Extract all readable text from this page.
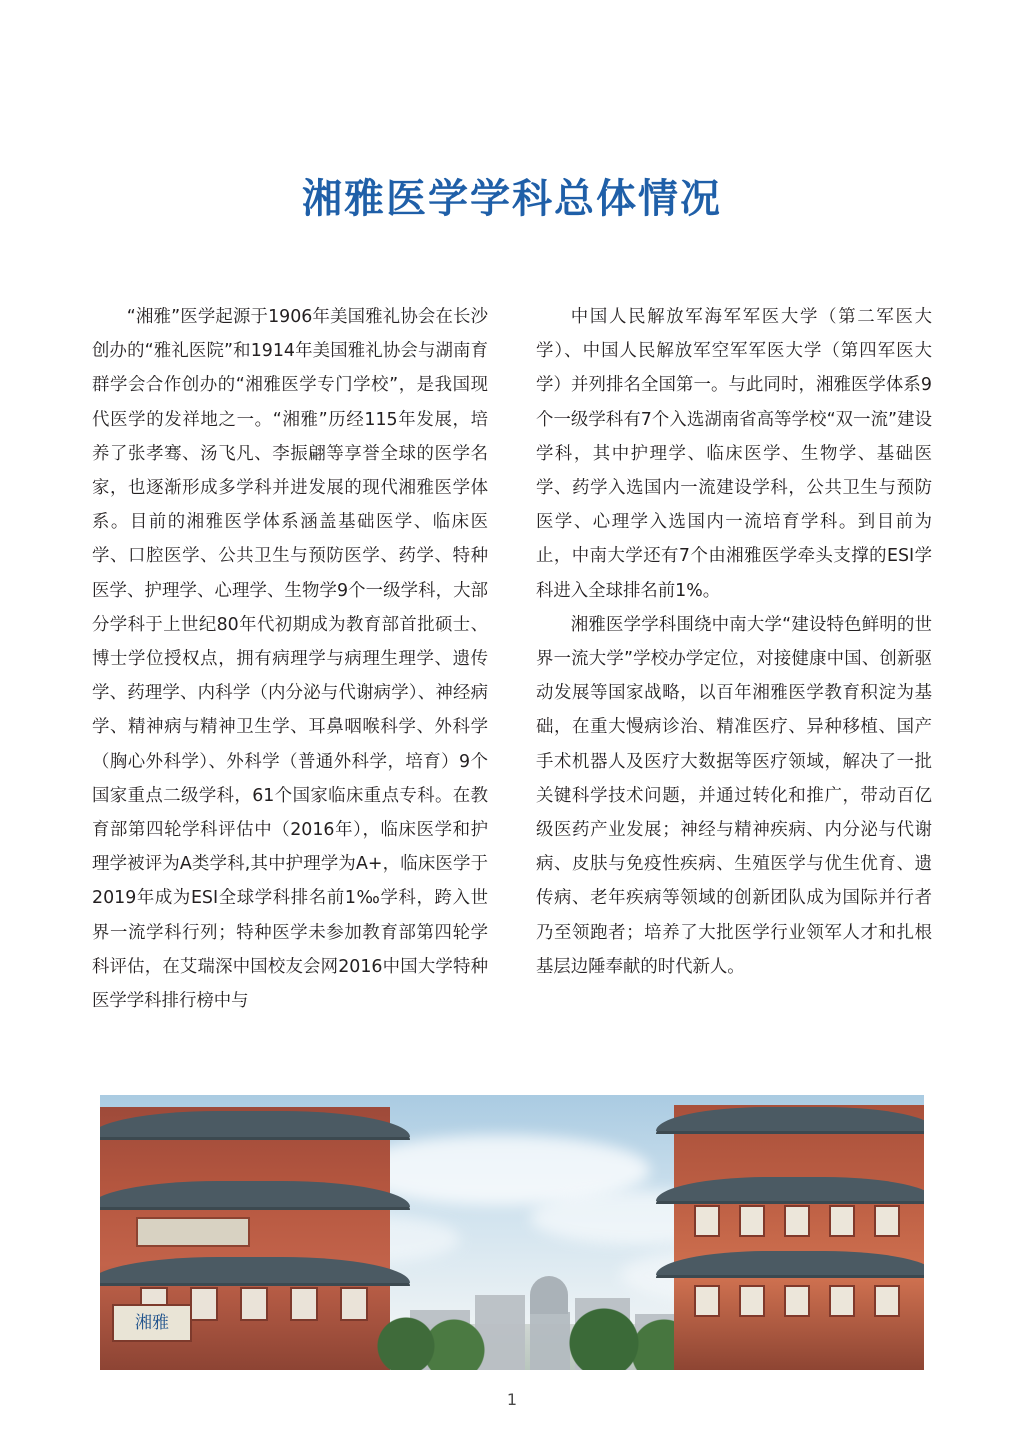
湘雅医学学科总体情况

“湘雅”医学起源于1906年美国雅礼协会在长沙创办的“雅礼医院”和1914年美国雅礼协会与湖南育群学会合作创办的“湘雅医学专门学校”，是我国现代医学的发祥地之一。“湘雅”历经115年发展，培养了张孝骞、汤飞凡、李振翩等享誉全球的医学名家，也逐渐形成多学科并进发展的现代湘雅医学体系。目前的湘雅医学体系涵盖基础医学、临床医学、口腔医学、公共卫生与预防医学、药学、特种医学、护理学、心理学、生物学9个一级学科，大部分学科于上世纪80年代初期成为教育部首批硕士、博士学位授权点，拥有病理学与病理生理学、遗传学、药理学、内科学（内分泌与代谢病学）、神经病学、精神病与精神卫生学、耳鼻咽喉科学、外科学（胸心外科学）、外科学（普通外科学，培育）9个国家重点二级学科，61个国家临床重点专科。在教育部第四轮学科评估中（2016年），临床医学和护理学被评为A类学科,其中护理学为A+，临床医学于2019年成为ESI全球学科排名前1‰学科，跨入世界一流学科行列；特种医学未参加教育部第四轮学科评估，在艾瑞深中国校友会网2016中国大学特种医学学科排行榜中与

中国人民解放军海军军医大学（第二军医大学）、中国人民解放军空军军医大学（第四军医大学）并列排名全国第一。与此同时，湘雅医学体系9个一级学科有7个入选湖南省高等学校“双一流”建设学科，其中护理学、临床医学、生物学、基础医学、药学入选国内一流建设学科，公共卫生与预防医学、心理学入选国内一流培育学科。到目前为止，中南大学还有7个由湘雅医学牵头支撑的ESI学科进入全球排名前1%。

湘雅医学学科围绕中南大学“建设特色鲜明的世界一流大学”学校办学定位，对接健康中国、创新驱动发展等国家战略，以百年湘雅医学教育积淀为基础，在重大慢病诊治、精准医疗、异种移植、国产手术机器人及医疗大数据等医疗领域，解决了一批关键科学技术问题，并通过转化和推广，带动百亿级医药产业发展；神经与精神疾病、内分泌与代谢病、皮肤与免疫性疾病、生殖医学与优生优育、遗传病、老年疾病等领域的创新团队成为国际并行者乃至领跑者；培养了大批医学行业领军人才和扎根基层边陲奉献的时代新人。

湘雅
1
